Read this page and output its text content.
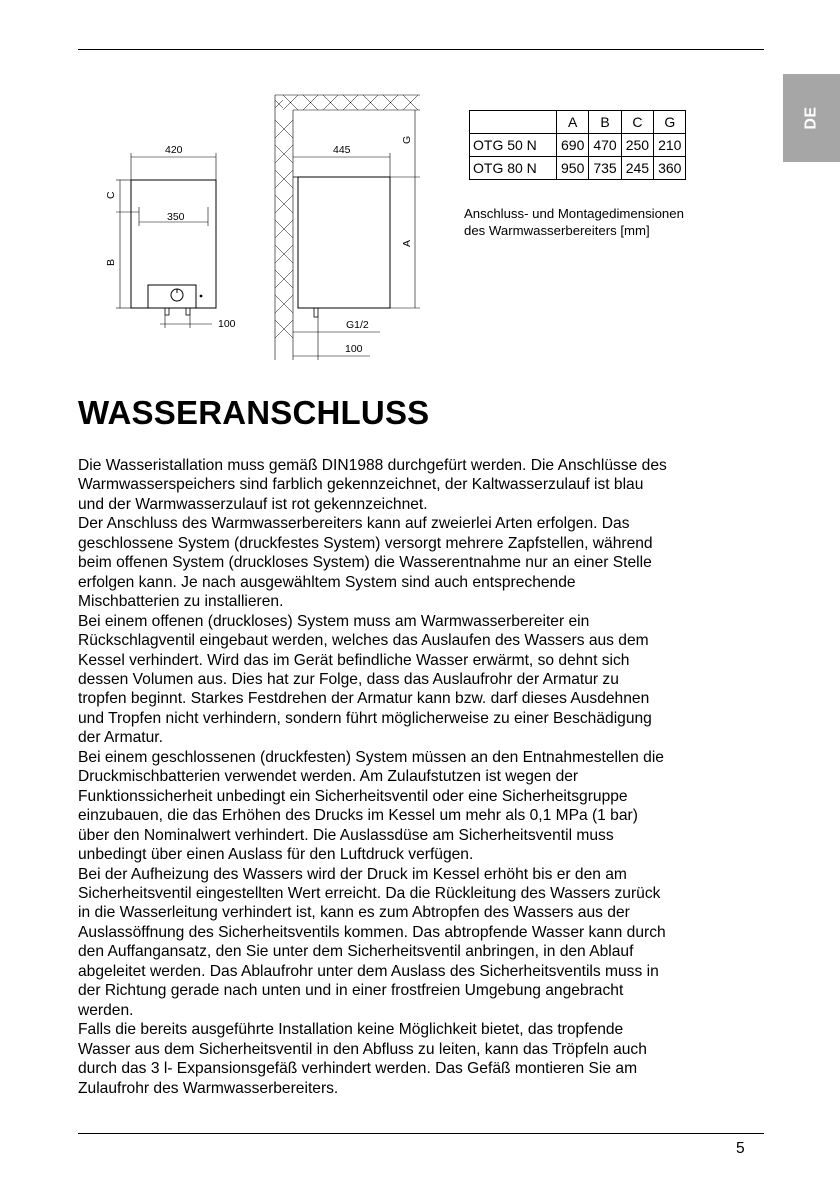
DE
420
350
100
C
B
445
G1/2
100
G
A
	A	B	C	G
OTG 50 N	690	470	250	210
OTG 80 N	950	735	245	360
Anschluss- und Montagedimensionen
des Warmwasserbereiters [mm]
WASSERANSCHLUSS
Die Wasseristallation muss gemäß DIN1988 durchgefürt werden. Die Anschlüsse des
Warmwasserspeichers sind farblich gekennzeichnet, der Kaltwasserzulauf ist blau
und der Warmwasserzulauf ist rot gekennzeichnet.
Der Anschluss des Warmwasserbereiters kann auf zweierlei Arten erfolgen. Das
geschlossene System (druckfestes System) versorgt mehrere Zapfstellen, während
beim offenen System (druckloses System) die Wasserentnahme nur an einer Stelle
erfolgen kann. Je nach ausgewähltem System sind auch entsprechende
Mischbatterien zu installieren.
Bei einem offenen (druckloses) System muss am Warmwasserbereiter ein
Rückschlagventil eingebaut werden, welches das Auslaufen des Wassers aus dem
Kessel verhindert. Wird das im Gerät befindliche Wasser erwärmt, so dehnt sich
dessen Volumen aus. Dies hat zur Folge, dass das Auslaufrohr der Armatur zu
tropfen beginnt. Starkes Festdrehen der Armatur kann bzw. darf dieses Ausdehnen
und Tropfen nicht verhindern, sondern führt möglicherweise zu einer Beschädigung
der Armatur.
Bei einem geschlossenen (druckfesten) System müssen an den Entnahmestellen die
Druckmischbatterien verwendet werden. Am Zulaufstutzen ist wegen der
Funktionssicherheit unbedingt ein Sicherheitsventil oder eine Sicherheitsgruppe
einzubauen, die das Erhöhen des Drucks im Kessel um mehr als 0,1 MPa (1 bar)
über den Nominalwert verhindert. Die Auslassdüse am Sicherheitsventil muss
unbedingt über einen Auslass für den Luftdruck verfügen.
Bei der Aufheizung des Wassers wird der Druck im Kessel erhöht bis er den am
Sicherheitsventil eingestellten Wert erreicht. Da die Rückleitung des Wassers zurück
in die Wasserleitung verhindert ist, kann es zum Abtropfen des Wassers aus der
Auslassöffnung des Sicherheitsventils kommen. Das abtropfende Wasser kann durch
den Auffangansatz, den Sie unter dem Sicherheitsventil anbringen, in den Ablauf
abgeleitet werden. Das Ablaufrohr unter dem Auslass des Sicherheitsventils muss in
der Richtung gerade nach unten und in einer frostfreien Umgebung angebracht
werden.
Falls die bereits ausgeführte Installation keine Möglichkeit bietet, das tropfende
Wasser aus dem Sicherheitsventil in den Abfluss zu leiten, kann das Tröpfeln auch
durch das 3 l- Expansionsgefäß verhindert werden. Das Gefäß montieren Sie am
Zulaufrohr des Warmwasserbereiters.
5
